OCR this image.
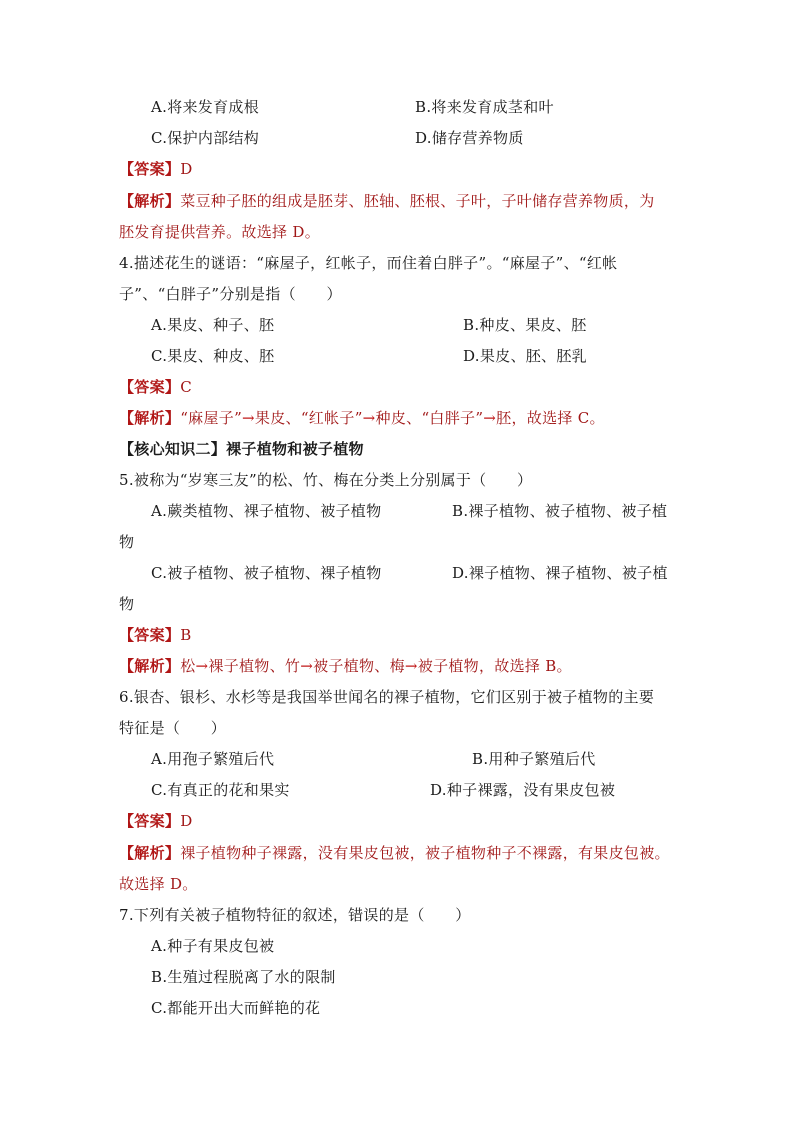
A.将来发育成根	B.将来发育成茎和叶
C.保护内部结构	D.储存营养物质
【答案】D
【解析】菜豆种子胚的组成是胚芽、胚轴、胚根、子叶，子叶储存营养物质，为
胚发育提供营养。故选择 D。
4.描述花生的谜语：“麻屋子，红帐子，而住着白胖子”。“麻屋子”、“红帐
子”、“白胖子”分别是指（　　）
A.果皮、种子、胚	B.种皮、果皮、胚
C.果皮、种皮、胚	D.果皮、胚、胚乳
【答案】C
【解析】“麻屋子”→果皮、“红帐子”→种皮、“白胖子”→胚，故选择 C。
【核心知识二】裸子植物和被子植物
5.被称为“岁寒三友”的松、竹、梅在分类上分别属于（　　）
A.蕨类植物、裸子植物、被子植物	B.裸子植物、被子植物、被子植
物
C.被子植物、被子植物、裸子植物	D.裸子植物、裸子植物、被子植
物
【答案】B
【解析】松→裸子植物、竹→被子植物、梅→被子植物，故选择 B。
6.银杏、银杉、水杉等是我国举世闻名的裸子植物，它们区别于被子植物的主要
特征是（　　）
A.用孢子繁殖后代	B.用种子繁殖后代
C.有真正的花和果实	D.种子裸露，没有果皮包被
【答案】D
【解析】裸子植物种子裸露，没有果皮包被，被子植物种子不裸露，有果皮包被。
故选择 D。
7.下列有关被子植物特征的叙述，错误的是（　　）
A.种子有果皮包被
B.生殖过程脱离了水的限制
C.都能开出大而鲜艳的花
